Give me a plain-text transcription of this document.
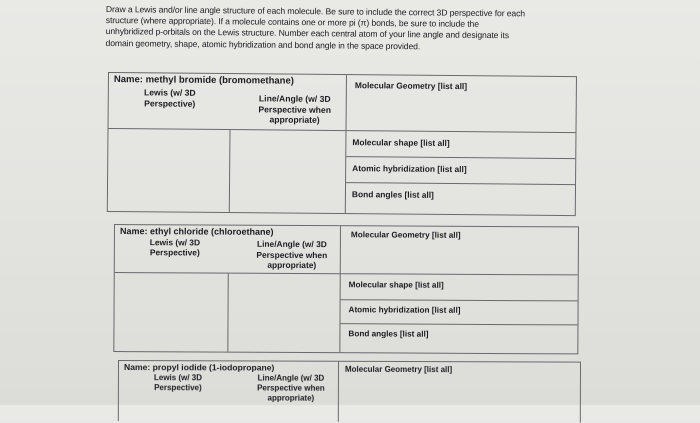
Draw a Lewis and/or line angle structure of each molecule. Be sure to include the correct 3D perspective for each
structure (where appropriate). If a molecule contains one or more pi (π) bonds, be sure to include the
unhybridized p-orbitals on the Lewis structure. Number each central atom of your line angle and designate its
domain geometry, shape, atomic hybridization and bond angle in the space provided.
Name: methyl bromide (bromomethane)
Lewis (w/ 3D Perspective)	Line/Angle (w/ 3D Perspective when appropriate)
Molecular Geometry [list all]
Molecular shape [list all]
Atomic hybridization [list all]
Bond angles [list all]
Name: ethyl chloride (chloroethane)
Lewis (w/ 3D Perspective)
Line/Angle (w/ 3D Perspective when appropriate)
Molecular Geometry [list all]
Molecular shape [list all]
Atomic hybridization [list all]
Bond angles [list all]
Name: propyl iodide (1-iodopropane)
Lewis (w/ 3D Perspective)
Line/Angle (w/ 3D Perspective when appropriate)
Molecular Geometry [list all]
